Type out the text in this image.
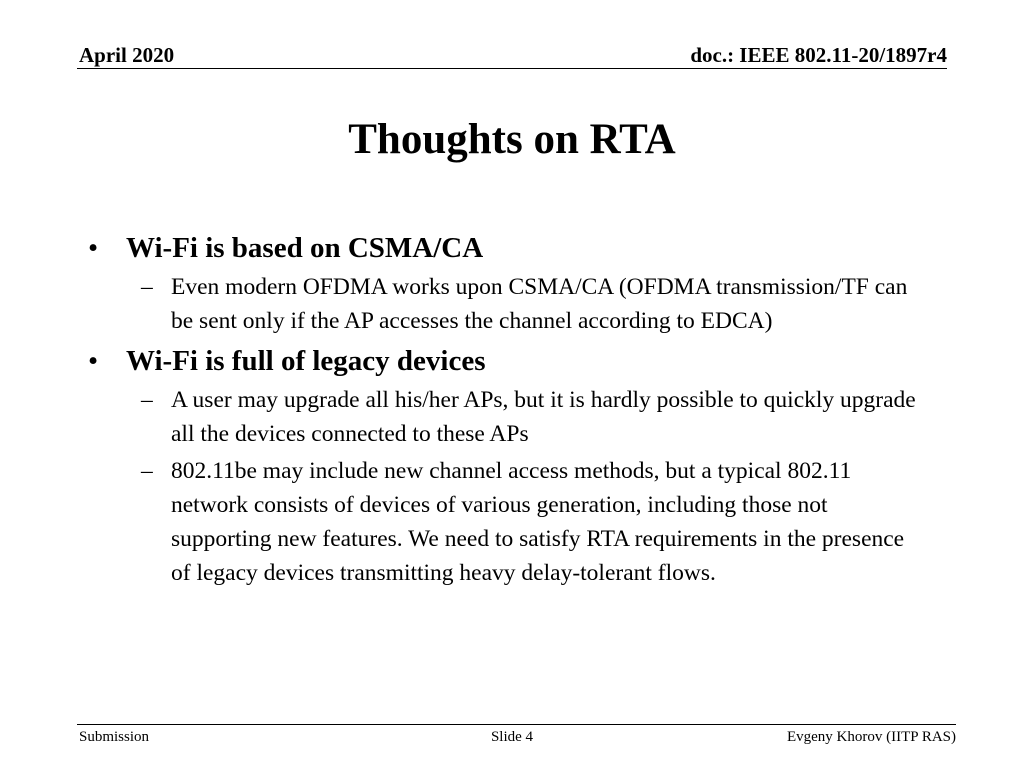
April 2020	doc.: IEEE 802.11-20/1897r4
Thoughts on RTA
• Wi-Fi is based on CSMA/CA
– Even modern OFDMA works upon CSMA/CA (OFDMA transmission/TF can be sent only if the AP accesses the channel according to EDCA)
• Wi-Fi is full of legacy devices
– A user may upgrade all his/her APs, but it is hardly possible to quickly upgrade all the devices connected to these APs
– 802.11be may include new channel access methods, but a typical 802.11 network consists of devices of various generation, including those not supporting new features. We need to satisfy RTA requirements in the presence of legacy devices transmitting heavy delay-tolerant flows.
Submission	Slide 4	Evgeny Khorov (IITP RAS)
